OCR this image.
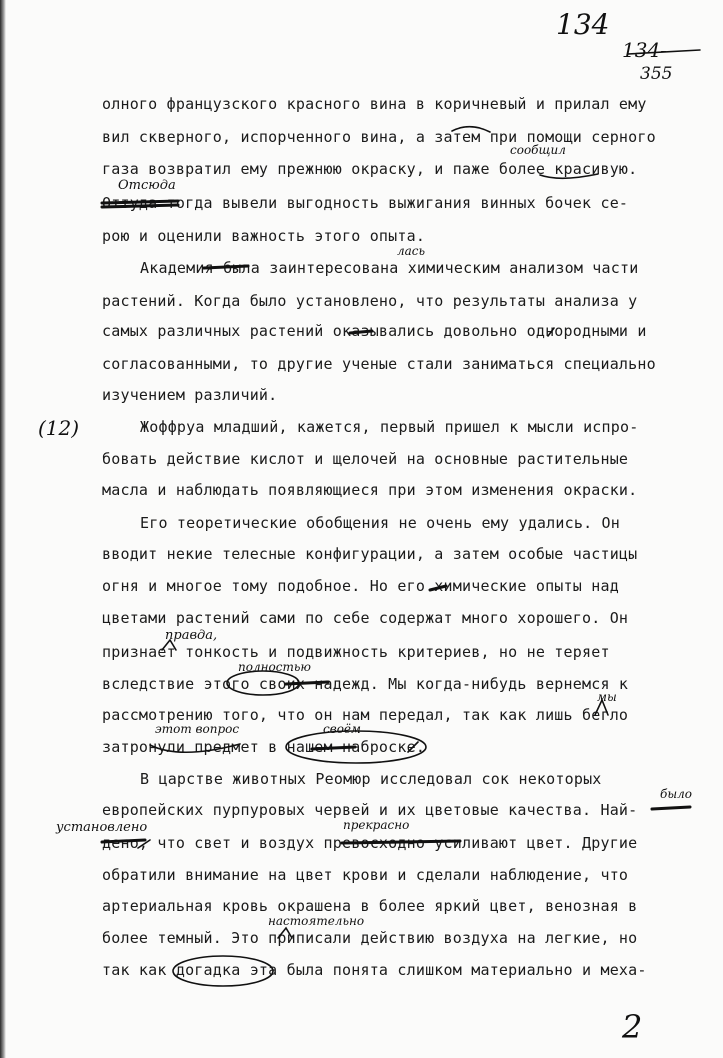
134
134-
355
2
(12)
олного французского красного вина в коричневый и прилал ему
вил скверного, испорченного вина, а затем при помощи серного
газа возвратил ему прежнюю окраску, и паже более красивую.
Оттуда тогда вывели выгодность выжигания винных бочек се-
рою и оценили важность этого опыта.
Академия была заинтересована химическим анализом части
растений. Когда было установлено, что результаты анализа у
самых различных растений оказывались довольно однородными и
согласованными, то другие ученые стали заниматься специально
изучением различий.
Жоффруа младший, кажется, первый пришел к мысли испро-
бовать действие кислот и щелочей на основные растительные
масла и наблюдать появляющиеся при этом изменения окраски.
Его теоретические обобщения не очень ему удались. Он
вводит некие телесные конфигурации, а затем особые частицы
огня и многое тому подобное. Но его химические опыты над
цветами растений сами по себе содержат много хорошего. Он
признает тонкость и подвижность критериев, но не теряет
вследствие этого своих надежд. Мы когда-нибудь вернемся к
рассмотрению того, что он нам передал, так как лишь бегло
затронули предмет в нашем наброске.
В царстве животных Реомюр исследовал сок некоторых
европейских пурпуровых червей и их цветовые качества. Най-
дено, что свет и воздух превосходно усиливают цвет. Другие
обратили внимание на цвет крови и сделали наблюдение, что
артериальная кровь окрашена в более яркий цвет, венозная в
более темный. Это приписали действию воздуха на легкие, но
так как догадка эта была понята слишком материально и меха-
сообщил
Отсюда
лась
правда,
полностью
мы
этот вопрос	своём
было
установлено	прекрасно
настоятельно
